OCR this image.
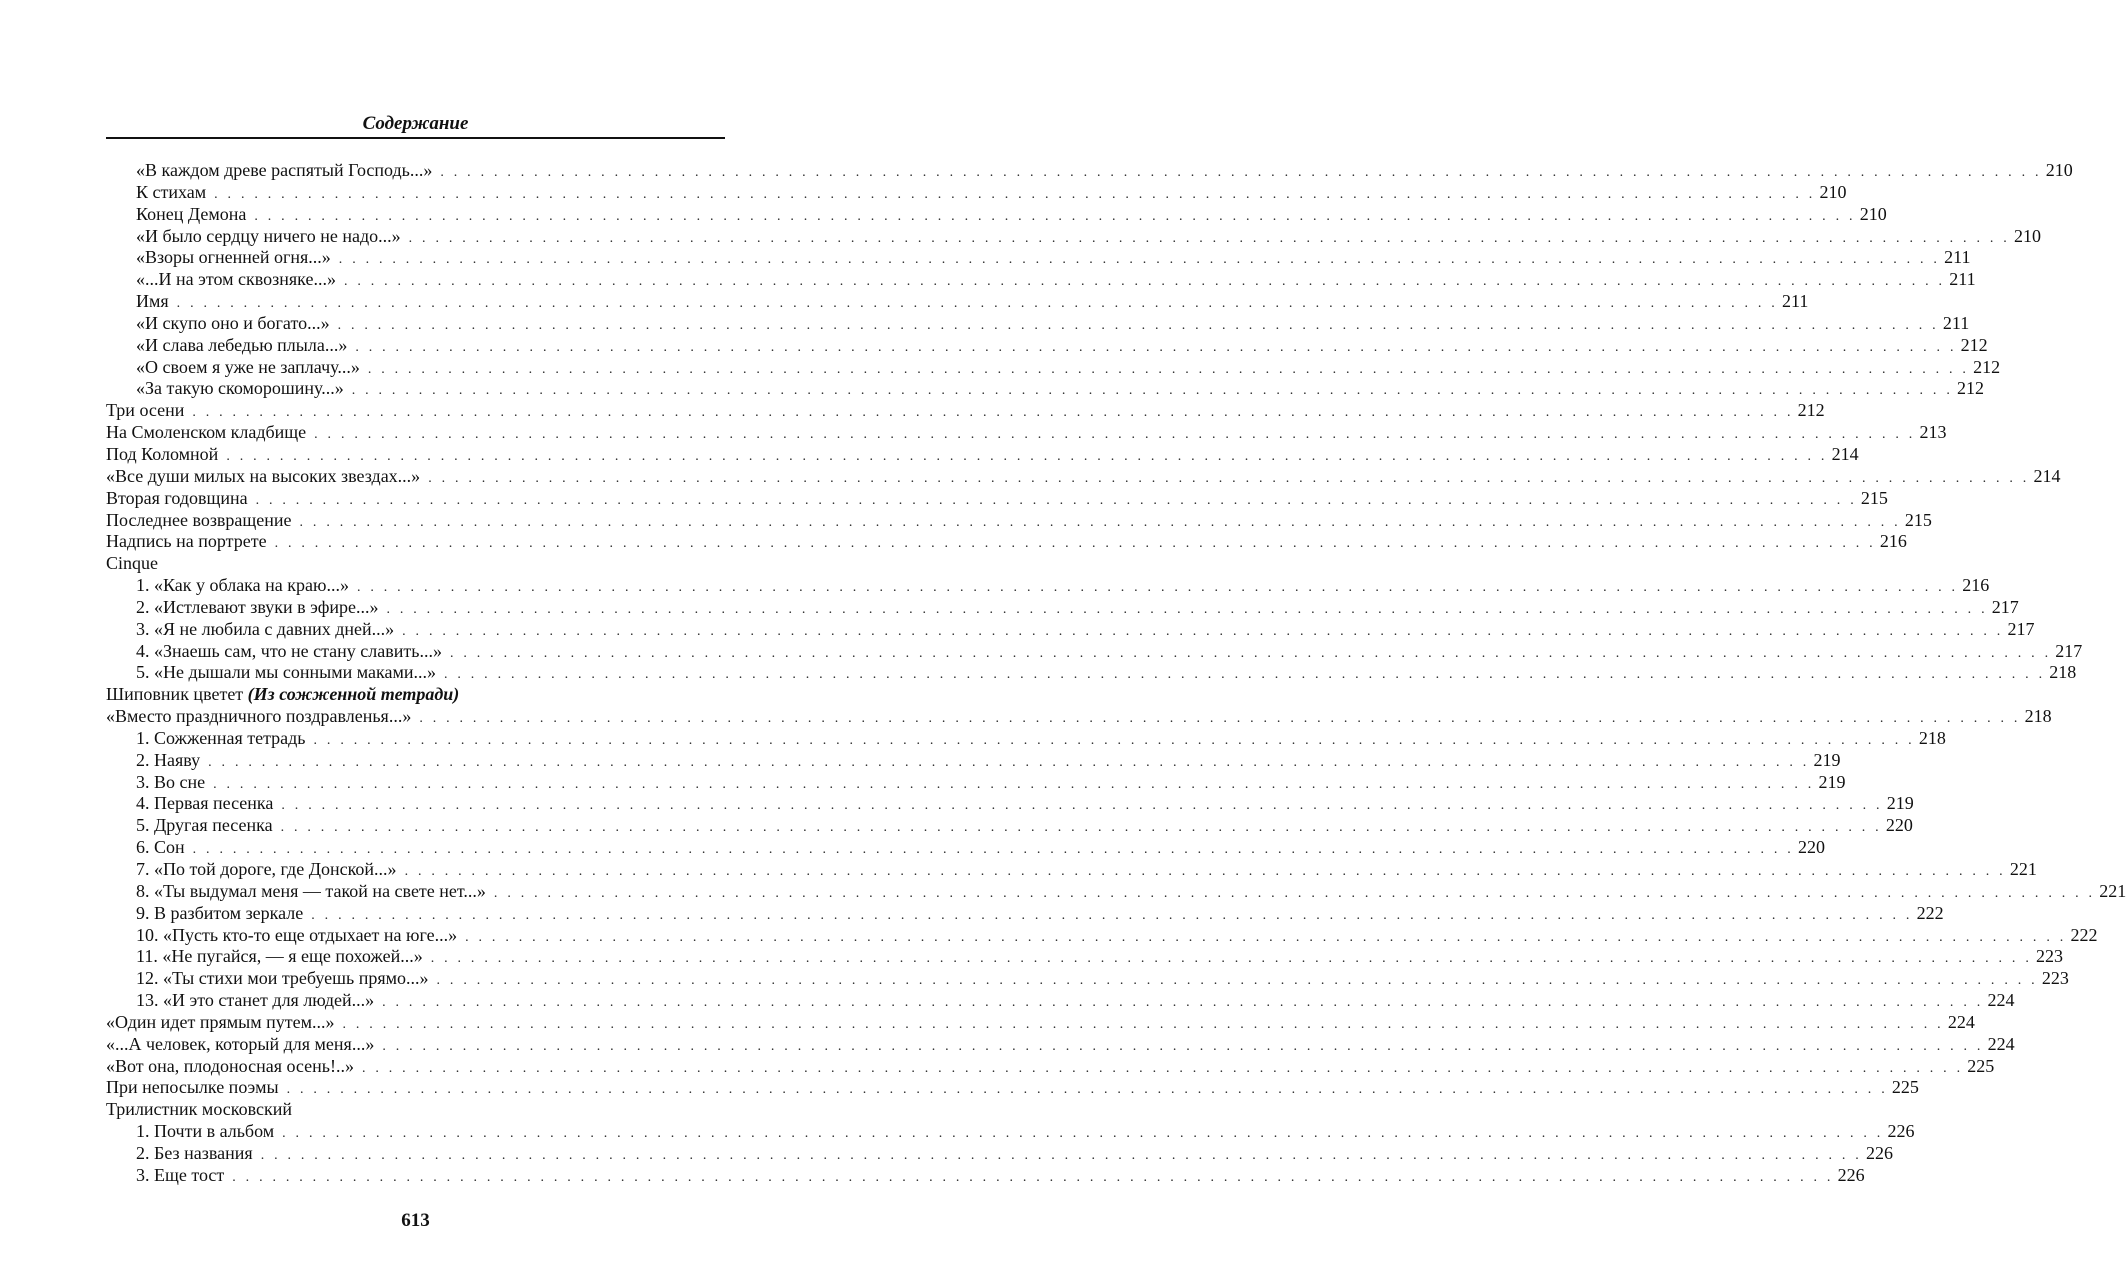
Содержание
«В каждом древе распятый Господь...» . . . . . . . . . . . . . . . . . . . . . . . . . . . . . . . . . . . . . . . . . . . . . . . . . . . . . . . . . . . . . . . . . . . . . . . . . . . . . . . . . . . . . . . . . . . . . . . . . . . . . . . . . . . . . . . . . . . . . . . . 210
К стихам . . . . . . . . . . . . . . . . . . . . . . . . . . . . . . . . . . . . . . . . . . . . . . . . . . . . . . . . . . . . . . . . . . . . . . . . . . . . . . . . . . . . . . . . . . . . . . . . . . . . . . . . . . . . . . . . . . . . . . . . 210
Конец Демона . . . . . . . . . . . . . . . . . . . . . . . . . . . . . . . . . . . . . . . . . . . . . . . . . . . . . . . . . . . . . . . . . . . . . . . . . . . . . . . . . . . . . . . . . . . . . . . . . . . . . . . . . . . . . . . . . . . . . . . . 210
«И было сердцу ничего не надо...» . . . . . . . . . . . . . . . . . . . . . . . . . . . . . . . . . . . . . . . . . . . . . . . . . . . . . . . . . . . . . . . . . . . . . . . . . . . . . . . . . . . . . . . . . . . . . . . . . . . . . . . . . . . . . . . . . . . . . . . . 210
«Взоры огненней огня...» . . . . . . . . . . . . . . . . . . . . . . . . . . . . . . . . . . . . . . . . . . . . . . . . . . . . . . . . . . . . . . . . . . . . . . . . . . . . . . . . . . . . . . . . . . . . . . . . . . . . . . . . . . . . . . . . . . . . . . . . 211
«...И на этом сквозняке...» . . . . . . . . . . . . . . . . . . . . . . . . . . . . . . . . . . . . . . . . . . . . . . . . . . . . . . . . . . . . . . . . . . . . . . . . . . . . . . . . . . . . . . . . . . . . . . . . . . . . . . . . . . . . . . . . . . . . . . . . 211
Имя . . . . . . . . . . . . . . . . . . . . . . . . . . . . . . . . . . . . . . . . . . . . . . . . . . . . . . . . . . . . . . . . . . . . . . . . . . . . . . . . . . . . . . . . . . . . . . . . . . . . . . . . . . . . . . . . . . . . . . . . 211
«И скупо оно и богато...» . . . . . . . . . . . . . . . . . . . . . . . . . . . . . . . . . . . . . . . . . . . . . . . . . . . . . . . . . . . . . . . . . . . . . . . . . . . . . . . . . . . . . . . . . . . . . . . . . . . . . . . . . . . . . . . . . . . . . . . . 211
«И слава лебедью плыла...» . . . . . . . . . . . . . . . . . . . . . . . . . . . . . . . . . . . . . . . . . . . . . . . . . . . . . . . . . . . . . . . . . . . . . . . . . . . . . . . . . . . . . . . . . . . . . . . . . . . . . . . . . . . . . . . . . . . . . . . . 212
«О своем я уже не заплачу...» . . . . . . . . . . . . . . . . . . . . . . . . . . . . . . . . . . . . . . . . . . . . . . . . . . . . . . . . . . . . . . . . . . . . . . . . . . . . . . . . . . . . . . . . . . . . . . . . . . . . . . . . . . . . . . . . . . . . . . . . 212
«За такую скоморошину...» . . . . . . . . . . . . . . . . . . . . . . . . . . . . . . . . . . . . . . . . . . . . . . . . . . . . . . . . . . . . . . . . . . . . . . . . . . . . . . . . . . . . . . . . . . . . . . . . . . . . . . . . . . . . . . . . . . . . . . . . 212
Три осени . . . . . . . . . . . . . . . . . . . . . . . . . . . . . . . . . . . . . . . . . . . . . . . . . . . . . . . . . . . . . . . . . . . . . . . . . . . . . . . . . . . . . . . . . . . . . . . . . . . . . . . . . . . . . . . . . . . . . . . . 212
На Смоленском кладбище . . . . . . . . . . . . . . . . . . . . . . . . . . . . . . . . . . . . . . . . . . . . . . . . . . . . . . . . . . . . . . . . . . . . . . . . . . . . . . . . . . . . . . . . . . . . . . . . . . . . . . . . . . . . . . . . . . . . . . . . 213
Под Коломной . . . . . . . . . . . . . . . . . . . . . . . . . . . . . . . . . . . . . . . . . . . . . . . . . . . . . . . . . . . . . . . . . . . . . . . . . . . . . . . . . . . . . . . . . . . . . . . . . . . . . . . . . . . . . . . . . . . . . . . . 214
«Все души милых на высоких звездах...» . . . . . . . . . . . . . . . . . . . . . . . . . . . . . . . . . . . . . . . . . . . . . . . . . . . . . . . . . . . . . . . . . . . . . . . . . . . . . . . . . . . . . . . . . . . . . . . . . . . . . . . . . . . . . . . . . . . . . . . . 214
Вторая годовщина . . . . . . . . . . . . . . . . . . . . . . . . . . . . . . . . . . . . . . . . . . . . . . . . . . . . . . . . . . . . . . . . . . . . . . . . . . . . . . . . . . . . . . . . . . . . . . . . . . . . . . . . . . . . . . . . . . . . . . . . 215
Последнее возвращение . . . . . . . . . . . . . . . . . . . . . . . . . . . . . . . . . . . . . . . . . . . . . . . . . . . . . . . . . . . . . . . . . . . . . . . . . . . . . . . . . . . . . . . . . . . . . . . . . . . . . . . . . . . . . . . . . . . . . . . . 215
Надпись на портрете . . . . . . . . . . . . . . . . . . . . . . . . . . . . . . . . . . . . . . . . . . . . . . . . . . . . . . . . . . . . . . . . . . . . . . . . . . . . . . . . . . . . . . . . . . . . . . . . . . . . . . . . . . . . . . . . . . . . . . . . 216
Cinque
1. «Как у облака на краю...» . . . . . . . . . . . . . . . . . . . . . . . . . . . . . . . . . . . . . . . . . . . . . . . . . . . . . . . . . . . . . . . . . . . . . . . . . . . . . . . . . . . . . . . . . . . . . . . . . . . . . . . . . . . . . . . . . . . . . . . . 216
2. «Истлевают звуки в эфире...» . . . . . . . . . . . . . . . . . . . . . . . . . . . . . . . . . . . . . . . . . . . . . . . . . . . . . . . . . . . . . . . . . . . . . . . . . . . . . . . . . . . . . . . . . . . . . . . . . . . . . . . . . . . . . . . . . . . . . . . . 217
3. «Я не любила с давних дней...» . . . . . . . . . . . . . . . . . . . . . . . . . . . . . . . . . . . . . . . . . . . . . . . . . . . . . . . . . . . . . . . . . . . . . . . . . . . . . . . . . . . . . . . . . . . . . . . . . . . . . . . . . . . . . . . . . . . . . . . . 217
4. «Знаешь сам, что не стану славить...» . . . . . . . . . . . . . . . . . . . . . . . . . . . . . . . . . . . . . . . . . . . . . . . . . . . . . . . . . . . . . . . . . . . . . . . . . . . . . . . . . . . . . . . . . . . . . . . . . . . . . . . . . . . . . . . . . . . . . . . . 217
5. «Не дышали мы сонными маками...» . . . . . . . . . . . . . . . . . . . . . . . . . . . . . . . . . . . . . . . . . . . . . . . . . . . . . . . . . . . . . . . . . . . . . . . . . . . . . . . . . . . . . . . . . . . . . . . . . . . . . . . . . . . . . . . . . . . . . . . . 218
Шиповник цветет (Из сожженной тетради)
«Вместо праздничного поздравленья...» . . . . . . . . . . . . . . . . . . . . . . . . . . . . . . . . . . . . . . . . . . . . . . . . . . . . . . . . . . . . . . . . . . . . . . . . . . . . . . . . . . . . . . . . . . . . . . . . . . . . . . . . . . . . . . . . . . . . . . . . 218
1. Сожженная тетрадь . . . . . . . . . . . . . . . . . . . . . . . . . . . . . . . . . . . . . . . . . . . . . . . . . . . . . . . . . . . . . . . . . . . . . . . . . . . . . . . . . . . . . . . . . . . . . . . . . . . . . . . . . . . . . . . . . . . . . . . . 218
2. Наяву . . . . . . . . . . . . . . . . . . . . . . . . . . . . . . . . . . . . . . . . . . . . . . . . . . . . . . . . . . . . . . . . . . . . . . . . . . . . . . . . . . . . . . . . . . . . . . . . . . . . . . . . . . . . . . . . . . . . . . . . 219
3. Во сне . . . . . . . . . . . . . . . . . . . . . . . . . . . . . . . . . . . . . . . . . . . . . . . . . . . . . . . . . . . . . . . . . . . . . . . . . . . . . . . . . . . . . . . . . . . . . . . . . . . . . . . . . . . . . . . . . . . . . . . . 219
4. Первая песенка . . . . . . . . . . . . . . . . . . . . . . . . . . . . . . . . . . . . . . . . . . . . . . . . . . . . . . . . . . . . . . . . . . . . . . . . . . . . . . . . . . . . . . . . . . . . . . . . . . . . . . . . . . . . . . . . . . . . . . . . 219
5. Другая песенка . . . . . . . . . . . . . . . . . . . . . . . . . . . . . . . . . . . . . . . . . . . . . . . . . . . . . . . . . . . . . . . . . . . . . . . . . . . . . . . . . . . . . . . . . . . . . . . . . . . . . . . . . . . . . . . . . . . . . . . . 220
6. Сон . . . . . . . . . . . . . . . . . . . . . . . . . . . . . . . . . . . . . . . . . . . . . . . . . . . . . . . . . . . . . . . . . . . . . . . . . . . . . . . . . . . . . . . . . . . . . . . . . . . . . . . . . . . . . . . . . . . . . . . . 220
7. «По той дороге, где Донской...» . . . . . . . . . . . . . . . . . . . . . . . . . . . . . . . . . . . . . . . . . . . . . . . . . . . . . . . . . . . . . . . . . . . . . . . . . . . . . . . . . . . . . . . . . . . . . . . . . . . . . . . . . . . . . . . . . . . . . . . . 221
8. «Ты выдумал меня — такой на свете нет...» . . . . . . . . . . . . . . . . . . . . . . . . . . . . . . . . . . . . . . . . . . . . . . . . . . . . . . . . . . . . . . . . . . . . . . . . . . . . . . . . . . . . . . . . . . . . . . . . . . . . . . . . . . . . . . . . . . . . . . . . 221
9. В разбитом зеркале . . . . . . . . . . . . . . . . . . . . . . . . . . . . . . . . . . . . . . . . . . . . . . . . . . . . . . . . . . . . . . . . . . . . . . . . . . . . . . . . . . . . . . . . . . . . . . . . . . . . . . . . . . . . . . . . . . . . . . . . 222
10. «Пусть кто-то еще отдыхает на юге...» . . . . . . . . . . . . . . . . . . . . . . . . . . . . . . . . . . . . . . . . . . . . . . . . . . . . . . . . . . . . . . . . . . . . . . . . . . . . . . . . . . . . . . . . . . . . . . . . . . . . . . . . . . . . . . . . . . . . . . . . 222
11. «Не пугайся, — я еще похожей...» . . . . . . . . . . . . . . . . . . . . . . . . . . . . . . . . . . . . . . . . . . . . . . . . . . . . . . . . . . . . . . . . . . . . . . . . . . . . . . . . . . . . . . . . . . . . . . . . . . . . . . . . . . . . . . . . . . . . . . . . 223
12. «Ты стихи мои требуешь прямо...» . . . . . . . . . . . . . . . . . . . . . . . . . . . . . . . . . . . . . . . . . . . . . . . . . . . . . . . . . . . . . . . . . . . . . . . . . . . . . . . . . . . . . . . . . . . . . . . . . . . . . . . . . . . . . . . . . . . . . . . . 223
13. «И это станет для людей...» . . . . . . . . . . . . . . . . . . . . . . . . . . . . . . . . . . . . . . . . . . . . . . . . . . . . . . . . . . . . . . . . . . . . . . . . . . . . . . . . . . . . . . . . . . . . . . . . . . . . . . . . . . . . . . . . . . . . . . . . 224
«Один идет прямым путем...» . . . . . . . . . . . . . . . . . . . . . . . . . . . . . . . . . . . . . . . . . . . . . . . . . . . . . . . . . . . . . . . . . . . . . . . . . . . . . . . . . . . . . . . . . . . . . . . . . . . . . . . . . . . . . . . . . . . . . . . . 224
«...А человек, который для меня...» . . . . . . . . . . . . . . . . . . . . . . . . . . . . . . . . . . . . . . . . . . . . . . . . . . . . . . . . . . . . . . . . . . . . . . . . . . . . . . . . . . . . . . . . . . . . . . . . . . . . . . . . . . . . . . . . . . . . . . . . 224
«Вот она, плодоносная осень!..» . . . . . . . . . . . . . . . . . . . . . . . . . . . . . . . . . . . . . . . . . . . . . . . . . . . . . . . . . . . . . . . . . . . . . . . . . . . . . . . . . . . . . . . . . . . . . . . . . . . . . . . . . . . . . . . . . . . . . . . . 225
При непосылке поэмы . . . . . . . . . . . . . . . . . . . . . . . . . . . . . . . . . . . . . . . . . . . . . . . . . . . . . . . . . . . . . . . . . . . . . . . . . . . . . . . . . . . . . . . . . . . . . . . . . . . . . . . . . . . . . . . . . . . . . . . . 225
Трилистник московский
1. Почти в альбом . . . . . . . . . . . . . . . . . . . . . . . . . . . . . . . . . . . . . . . . . . . . . . . . . . . . . . . . . . . . . . . . . . . . . . . . . . . . . . . . . . . . . . . . . . . . . . . . . . . . . . . . . . . . . . . . . . . . . . . . 226
2. Без названия . . . . . . . . . . . . . . . . . . . . . . . . . . . . . . . . . . . . . . . . . . . . . . . . . . . . . . . . . . . . . . . . . . . . . . . . . . . . . . . . . . . . . . . . . . . . . . . . . . . . . . . . . . . . . . . . . . . . . . . . 226
3. Еще тост . . . . . . . . . . . . . . . . . . . . . . . . . . . . . . . . . . . . . . . . . . . . . . . . . . . . . . . . . . . . . . . . . . . . . . . . . . . . . . . . . . . . . . . . . . . . . . . . . . . . . . . . . . . . . . . . . . . . . . . . 226
613
